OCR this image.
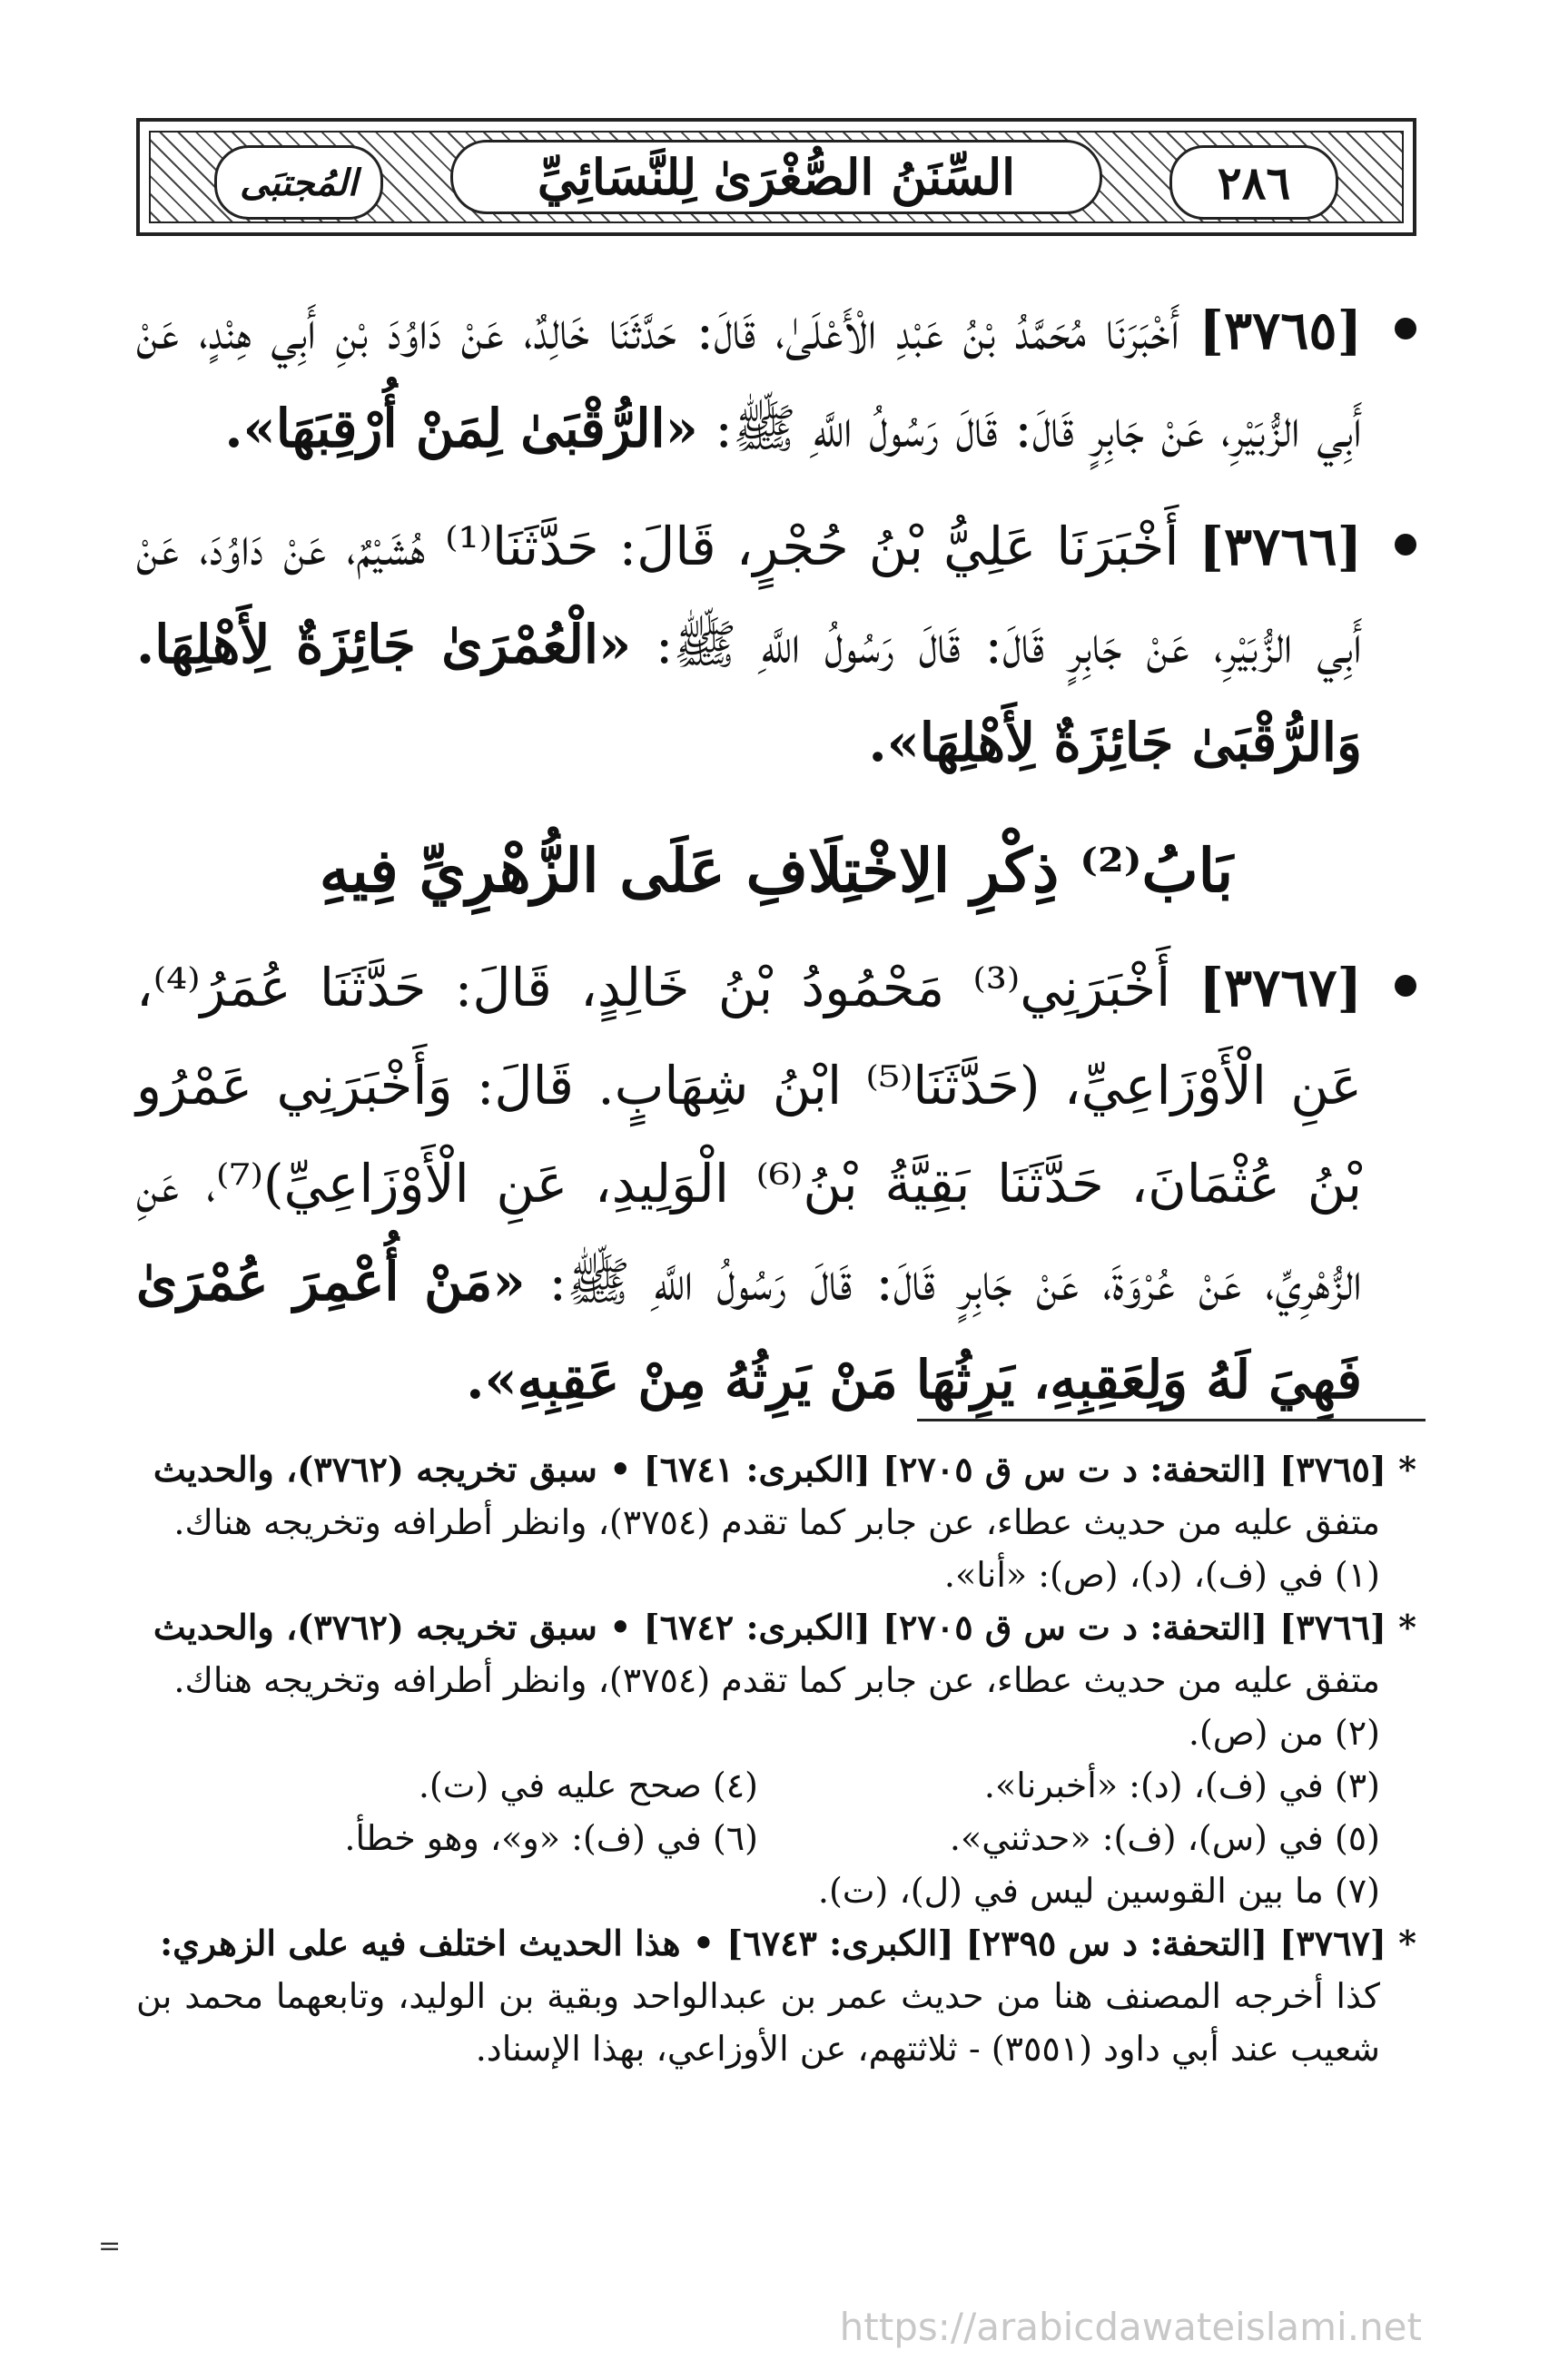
٢٨٦
السِّنَنُ الصُّغْرَىٰ لِلنَّسَائِيِّ
المُجتبَى
[٣٧٦٥] أَخْبَرَنَا مُحَمَّدُ بْنُ عَبْدِ الْأَعْلَىٰ، قَالَ: حَدَّثَنَا خَالِدٌ، عَنْ دَاوُدَ بْنِ أَبِي هِنْدٍ، عَنْ أَبِي الزُّبَيْرِ، عَنْ جَابِرٍ قَالَ: قَالَ رَسُولُ اللَّهِ ﷺ: «الرُّقْبَىٰ لِمَنْ أُرْقِبَهَا».
[٣٧٦٦] أَخْبَرَنَا عَلِيُّ بْنُ حُجْرٍ، قَالَ: حَدَّثَنَا⁽¹⁾ هُشَيْمٌ، عَنْ دَاوُدَ، عَنْ أَبِي الزُّبَيْرِ، عَنْ جَابِرٍ قَالَ: قَالَ رَسُولُ اللَّهِ ﷺ: «الْعُمْرَىٰ جَائِزَةٌ لِأَهْلِهَا. وَالرُّقْبَىٰ جَائِزَةٌ لِأَهْلِهَا».
بَابُ⁽²⁾ ذِكْرِ الِاخْتِلَافِ عَلَى الزُّهْرِيِّ فِيهِ
[٣٧٦٧] أَخْبَرَنِي⁽³⁾ مَحْمُودُ بْنُ خَالِدٍ، قَالَ: حَدَّثَنَا عُمَرُ⁽⁴⁾، عَنِ الْأَوْزَاعِيِّ، (حَدَّثَنَا⁽⁵⁾ ابْنُ شِهَابٍ. قَالَ: وَأَخْبَرَنِي عَمْرُو بْنُ عُثْمَانَ، حَدَّثَنَا بَقِيَّةُ بْنُ⁽⁶⁾ الْوَلِيدِ، عَنِ الْأَوْزَاعِيِّ)⁽⁷⁾، عَنِ الزُّهْرِيِّ، عَنْ عُرْوَةَ، عَنْ جَابِرٍ قَالَ: قَالَ رَسُولُ اللَّهِ ﷺ: «مَنْ أُعْمِرَ عُمْرَىٰ فَهِيَ لَهُ وَلِعَقِبِهِ، يَرِثُهَا مَنْ يَرِثُهُ مِنْ عَقِبِهِ».
* [٣٧٦٥] [التحفة: د ت س ق ٢٧٠٥] [الكبرى: ٦٧٤١] • سبق تخريجه (٣٧٦٢)، والحديث
متفق عليه من حديث عطاء، عن جابر كما تقدم (٣٧٥٤)، وانظر أطرافه وتخريجه هناك.
(١) في (ف)، (د)، (ص): «أنا».
* [٣٧٦٦] [التحفة: د ت س ق ٢٧٠٥] [الكبرى: ٦٧٤٢] • سبق تخريجه (٣٧٦٢)، والحديث
متفق عليه من حديث عطاء، عن جابر كما تقدم (٣٧٥٤)، وانظر أطرافه وتخريجه هناك.
(٢) من (ص).
(٣) في (ف)، (د): «أخبرنا».
(٤) صحح عليه في (ت).
(٥) في (س)، (ف): «حدثني».
(٦) في (ف): «و»، وهو خطأ.
(٧) ما بين القوسين ليس في (ل)، (ت).
* [٣٧٦٧] [التحفة: د س ٢٣٩٥] [الكبرى: ٦٧٤٣] • هذا الحديث اختلف فيه على الزهري:
كذا أخرجه المصنف هنا من حديث عمر بن عبدالواحد وبقية بن الوليد، وتابعهما محمد بن شعيب عند أبي داود (٣٥٥١) - ثلاثتهم، عن الأوزاعي، بهذا الإسناد.
=
https://arabicdawateislami.net
